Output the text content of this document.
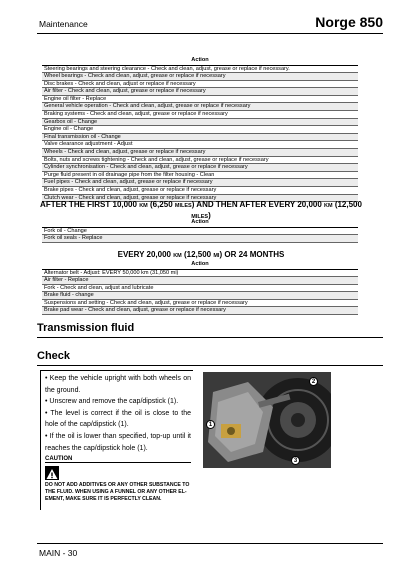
Maintenance	Norge 850
Action
Steering bearings and steering clearance - Check and clean, adjust, grease or replace if necessary.
Wheel bearings - Check and clean, adjust, grease or replace if necessary
Disc brakes - Check and clean, adjust or replace if necessary
Air filter - Check and clean, adjust, grease or replace if necessary
Engine oil filter - Replace
General vehicle operation - Check and clean, adjust, grease or replace if necessary
Braking systems - Check and clean, adjust, grease or replace if necessary
Gearbox oil - Change
Engine oil - Change
Final transmission oil - Change
Valve clearance adjustment - Adjust
Wheels - Check and clean, adjust, grease or replace if necessary
Bolts, nuts and screws tightening - Check and clean, adjust, grease or replace if necessary
Cylinder synchronisation - Check and clean, adjust, grease or replace if necessary
Purge fluid present in oil drainage pipe from the filter housing - Clean
Fuel pipes - Check and clean, adjust, grease or replace if necessary
Brake pipes - Check and clean, adjust, grease or replace if necessary
Clutch wear - Check and clean, adjust, grease or replace if necessary
AFTER THE FIRST 10,000 KM (6,250 MILES) AND THEN AFTER EVERY 20,000 KM (12,500
MILES)
Action
Fork oil - Change
Fork oil seals - Replace
EVERY 20,000 KM (12,500 MI) OR 24 MONTHS
Action
Alternator belt - Adjust: EVERY 50,000 km (31,050 mi)
Air filter - Replace
Fork - Check and clean, adjust and lubricate
Brake fluid - change
Suspensions and setting - Check and clean, adjust, grease or replace if necessary
Brake pad wear - Check and clean, adjust, grease or replace if necessary
Transmission fluid
Check
• Keep the vehicle upright with both wheels on the ground.
• Unscrew and remove the cap/dipstick (1).
• The level is correct if the oil is close to the hole of the cap/dipstick (1).
• If the oil is lower than specified, top-up until it reaches the cap/dipstick hole (1).
CAUTION
DO NOT ADD ADDITIVES OR ANY OTHER SUBSTANCE TO THE FLUID. WHEN USING A FUNNEL OR ANY OTHER EL-EMENT, MAKE SURE IT IS PERFECTLY CLEAN.
1
2
3
MAIN - 30
